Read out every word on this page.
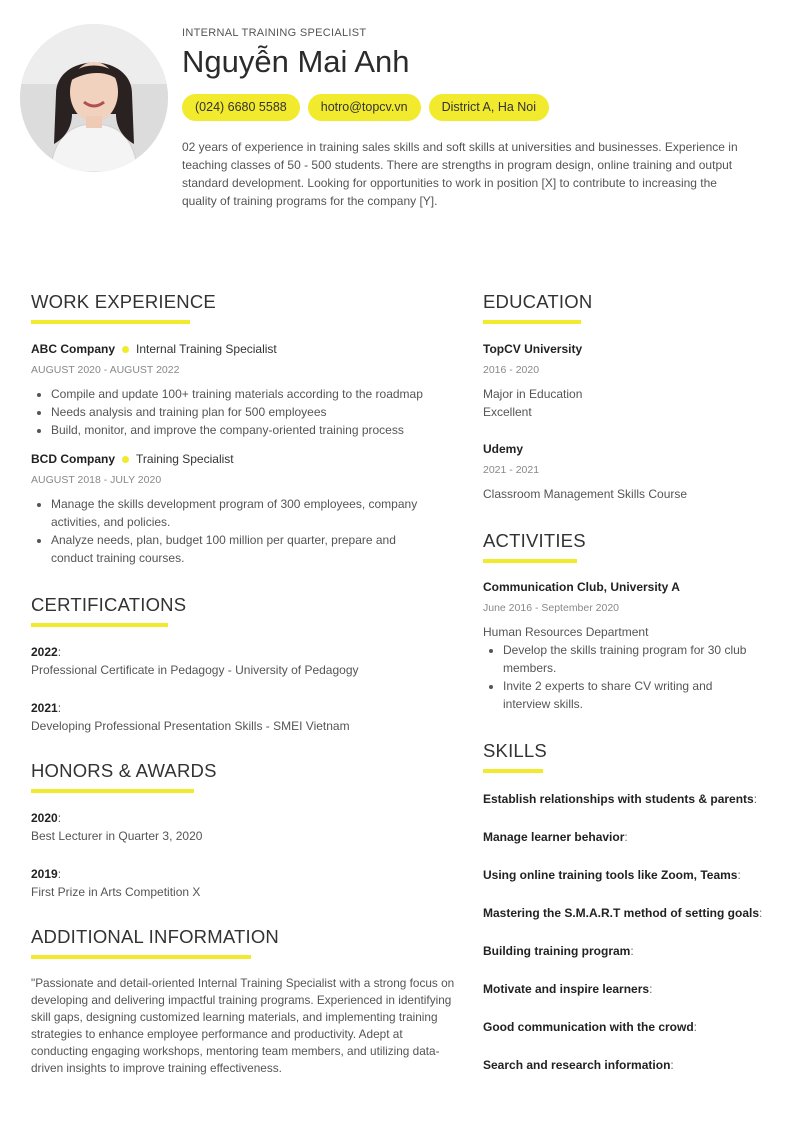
INTERNAL TRAINING SPECIALIST
Nguyễn Mai Anh
(024) 6680 5588	hotro@topcv.vn	District A, Ha Noi
02 years of experience in training sales skills and soft skills at universities and businesses. Experience in teaching classes of 50 - 500 students. There are strengths in program design, online training and output standard development. Looking for opportunities to work in position [X] to contribute to increasing the quality of training programs for the company [Y].
WORK EXPERIENCE
ABC Company Internal Training Specialist
AUGUST 2020 - AUGUST 2022
• Compile and update 100+ training materials according to the roadmap
• Needs analysis and training plan for 500 employees
• Build, monitor, and improve the company-oriented training process
BCD Company Training Specialist
AUGUST 2018 - JULY 2020
• Manage the skills development program of 300 employees, company activities, and policies.
• Analyze needs, plan, budget 100 million per quarter, prepare and conduct training courses.
CERTIFICATIONS
2022:
Professional Certificate in Pedagogy - University of Pedagogy
2021:
Developing Professional Presentation Skills - SMEI Vietnam
HONORS & AWARDS
2020:
Best Lecturer in Quarter 3, 2020
2019:
First Prize in Arts Competition X
ADDITIONAL INFORMATION
"Passionate and detail-oriented Internal Training Specialist with a strong focus on developing and delivering impactful training programs. Experienced in identifying skill gaps, designing customized learning materials, and implementing training strategies to enhance employee performance and productivity. Adept at conducting engaging workshops, mentoring team members, and utilizing data-driven insights to improve training effectiveness.
EDUCATION
TopCV University
2016 - 2020
Major in Education
Excellent
Udemy
2021 - 2021
Classroom Management Skills Course
ACTIVITIES
Communication Club, University A
June 2016 - September 2020
Human Resources Department
• Develop the skills training program for 30 club members.
• Invite 2 experts to share CV writing and interview skills.
SKILLS
Establish relationships with students & parents:
Manage learner behavior:
Using online training tools like Zoom, Teams:
Mastering the S.M.A.R.T method of setting goals:
Building training program:
Motivate and inspire learners:
Good communication with the crowd:
Search and research information:
